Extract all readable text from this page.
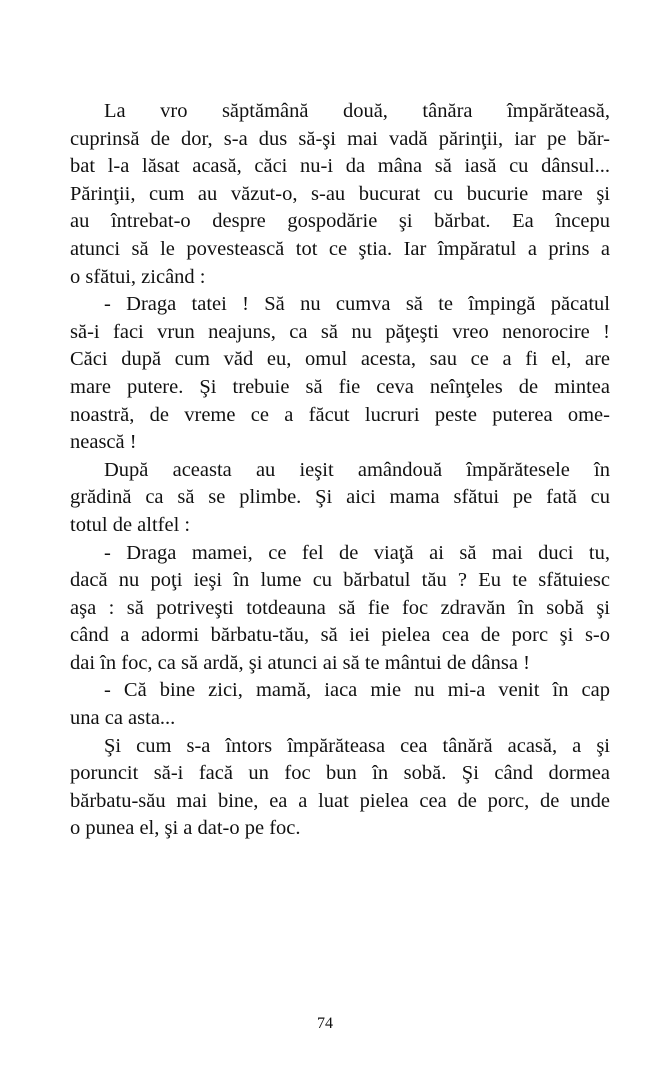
La vro săptămână două, tânăra împărăteasă,
cuprinsă de dor, s-a dus să-şi mai vadă părinţii, iar pe băr-
bat l-a lăsat acasă, căci nu-i da mâna să iasă cu dânsul...
Părinţii, cum au văzut-o, s-au bucurat cu bucurie mare şi
au întrebat-o despre gospodărie şi bărbat. Ea începu
atunci să le povestească tot ce ştia. Iar împăratul a prins a
o sfătui, zicând :
- Draga tatei ! Să nu cumva să te împingă păcatul
să-i faci vrun neajuns, ca să nu păţeşti vreo nenorocire !
Căci după cum văd eu, omul acesta, sau ce a fi el, are
mare putere. Şi trebuie să fie ceva neînţeles de mintea
noastră, de vreme ce a făcut lucruri peste puterea ome-
nească !
După aceasta au ieşit amândouă împărătesele în
grădină ca să se plimbe. Şi aici mama sfătui pe fată cu
totul de altfel :
- Draga mamei, ce fel de viaţă ai să mai duci tu,
dacă nu poţi ieşi în lume cu bărbatul tău ? Eu te sfătuiesc
aşa : să potriveşti totdeauna să fie foc zdravăn în sobă şi
când a adormi bărbatu-tău, să iei pielea cea de porc şi s-o
dai în foc, ca să ardă, şi atunci ai să te mântui de dânsa !
- Că bine zici, mamă, iaca mie nu mi-a venit în cap
una ca asta...
Şi cum s-a întors împărăteasa cea tânără acasă, a şi
poruncit să-i facă un foc bun în sobă. Şi când dormea
bărbatu-său mai bine, ea a luat pielea cea de porc, de unde
o punea el, şi a dat-o pe foc.
74
